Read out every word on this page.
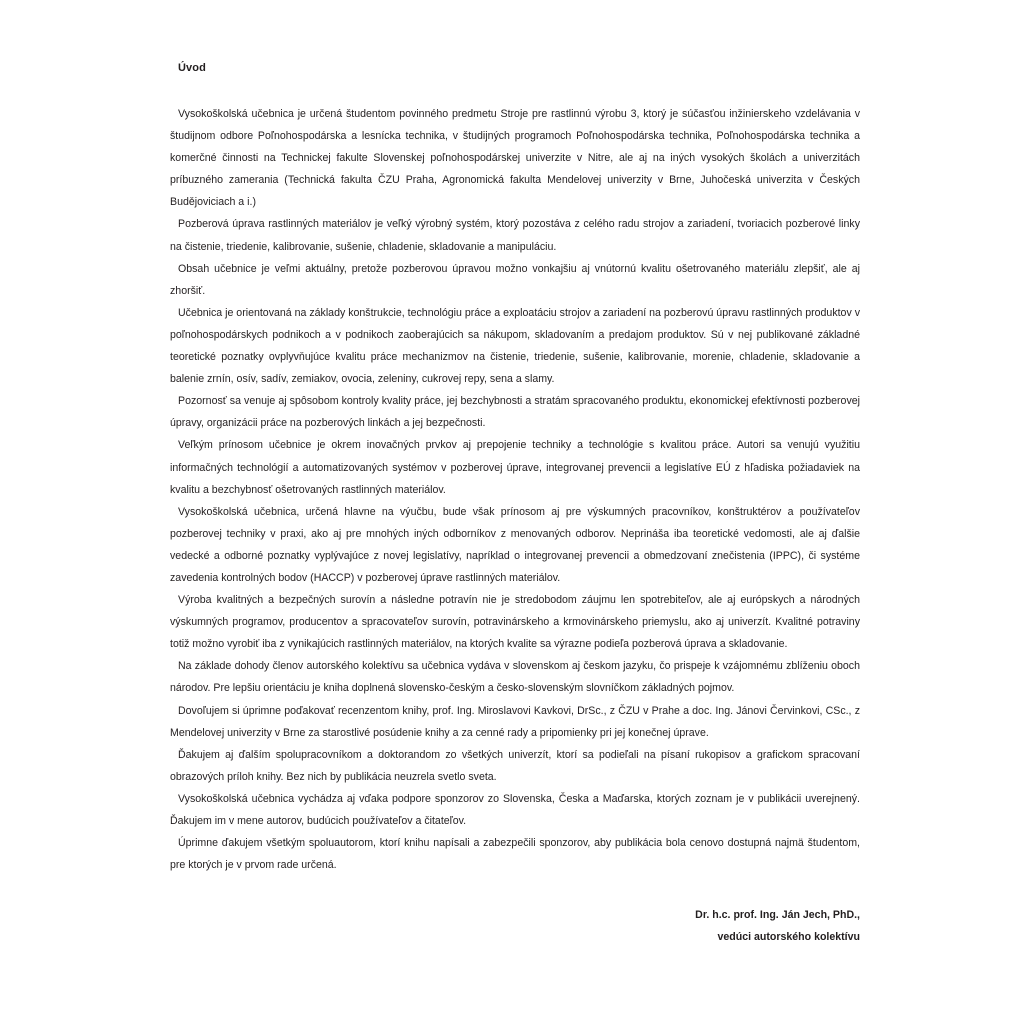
Úvod

Vysokoškolská učebnica je určená študentom povinného predmetu Stroje pre rastlinnú výrobu 3, ktorý je súčasťou inžinierskeho vzdelávania v študijnom odbore Poľnohospodárska a lesnícka technika, v študijných programoch Poľnohospodárska technika, Poľnohospodárska technika a komerčné činnosti na Technickej fakulte Slovenskej poľnohospodárskej univerzite v Nitre, ale aj na iných vysokých školách a univerzitách príbuzného zamerania (Technická fakulta ČZU Praha, Agronomická fakulta Mendelovej univerzity v Brne, Juhočeská univerzita v Českých Budějoviciach a i.)

Pozberová úprava rastlinných materiálov je veľký výrobný systém, ktorý pozostáva z celého radu strojov a zariadení, tvoriacich pozberové linky na čistenie, triedenie, kalibrovanie, sušenie, chladenie, skladovanie a manipuláciu.

Obsah učebnice je veľmi aktuálny, pretože pozberovou úpravou možno vonkajšiu aj vnútornú kvalitu ošetrovaného materiálu zlepšiť, ale aj zhoršiť.

Učebnica je orientovaná na základy konštrukcie, technológiu práce a exploatáciu strojov a zariadení na pozberovú úpravu rastlinných produktov v poľnohospodárskych podnikoch a v podnikoch zaoberajúcich sa nákupom, skladovaním a predajom produktov. Sú v nej publikované základné teoretické poznatky ovplyvňujúce kvalitu práce mechanizmov na čistenie, triedenie, sušenie, kalibrovanie, morenie, chladenie, skladovanie a balenie zrnín, osív, sadív, zemiakov, ovocia, zeleniny, cukrovej repy, sena a slamy.

Pozornosť sa venuje aj spôsobom kontroly kvality práce, jej bezchybnosti a stratám spracovaného produktu, ekonomickej efektívnosti pozberovej úpravy, organizácii práce na pozberových linkách a jej bezpečnosti.

Veľkým prínosom učebnice je okrem inovačných prvkov aj prepojenie techniky a technológie s kvalitou práce. Autori sa venujú využitiu informačných technológií a automatizovaných systémov v pozberovej úprave, integrovanej prevencii a legislatíve EÚ z hľadiska požiadaviek na kvalitu a bezchybnosť ošetrovaných rastlinných materiálov.

Vysokoškolská učebnica, určená hlavne na výučbu, bude však prínosom aj pre výskumných pracovníkov, konštruktérov a používateľov pozberovej techniky v praxi, ako aj pre mnohých iných odborníkov z menovaných odborov. Neprináša iba teoretické vedomosti, ale aj ďalšie vedecké a odborné poznatky vyplývajúce z novej legislatívy, napríklad o integrovanej prevencii a obmedzovaní znečistenia (IPPC), či systéme zavedenia kontrolných bodov (HACCP) v pozberovej úprave rastlinných materiálov.

Výroba kvalitných a bezpečných surovín a následne potravín nie je stredobodom záujmu len spotrebiteľov, ale aj európskych a národných výskumných programov, producentov a spracovateľov surovín, potravinárskeho a krmovinárskeho priemyslu, ako aj univerzít. Kvalitné potraviny totiž možno vyrobiť iba z vynikajúcich rastlinných materiálov, na ktorých kvalite sa výrazne podieľa pozberová úprava a skladovanie.

Na základe dohody členov autorského kolektívu sa učebnica vydáva v slovenskom aj českom jazyku, čo prispeje k vzájomnému zblíženiu oboch národov. Pre lepšiu orientáciu je kniha doplnená slovensko-českým a česko-slovenským slovníčkom základných pojmov.

Dovoľujem si úprimne poďakovať recenzentom knihy, prof. Ing. Miroslavovi Kavkovi, DrSc., z ČZU v Prahe a doc. Ing. Jánovi Červinkovi, CSc., z Mendelovej univerzity v Brne za starostlivé posúdenie knihy a za cenné rady a pripomienky pri jej konečnej úprave.

Ďakujem aj ďalším spolupracovníkom a doktorandom zo všetkých univerzít, ktorí sa podieľali na písaní rukopisov a grafickom spracovaní obrazových príloh knihy. Bez nich by publikácia neuzrela svetlo sveta.

Vysokoškolská učebnica vychádza aj vďaka podpore sponzorov zo Slovenska, Česka a Maďarska, ktorých zoznam je v publikácii uverejnený. Ďakujem im v mene autorov, budúcich používateľov a čitateľov.

Úprimne ďakujem všetkým spoluautorom, ktorí knihu napísali a zabezpečili sponzorov, aby publikácia bola cenovo dostupná najmä študentom, pre ktorých je v prvom rade určená.

Dr. h.c. prof. Ing. Ján Jech, PhD.,
vedúci autorského kolektívu
